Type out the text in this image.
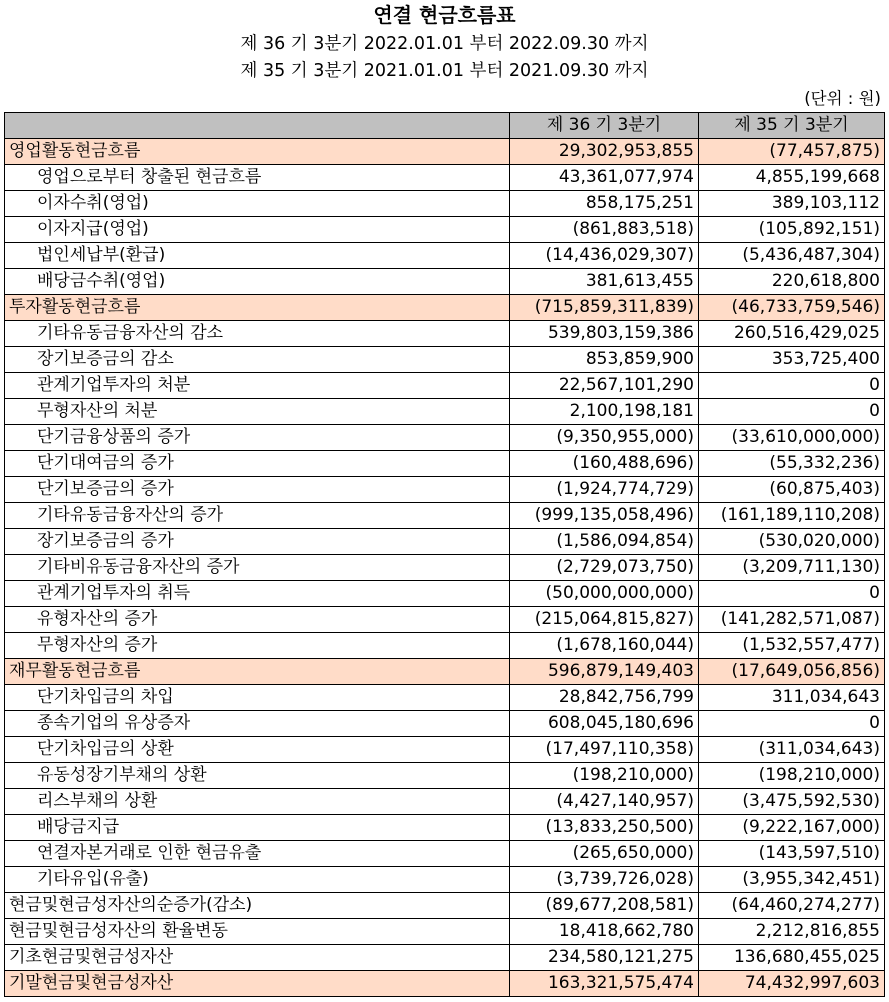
연결 현금흐름표
제 36 기 3분기 2022.01.01 부터 2022.09.30 까지
제 35 기 3분기 2021.01.01 부터 2021.09.30 까지
(단위 : 원)
	제 36 기 3분기	제 35 기 3분기
영업활동현금흐름	29,302,953,855	(77,457,875)
영업으로부터 창출된 현금흐름	43,361,077,974	4,855,199,668
이자수취(영업)	858,175,251	389,103,112
이자지급(영업)	(861,883,518)	(105,892,151)
법인세납부(환급)	(14,436,029,307)	(5,436,487,304)
배당금수취(영업)	381,613,455	220,618,800
투자활동현금흐름	(715,859,311,839)	(46,733,759,546)
기타유동금융자산의 감소	539,803,159,386	260,516,429,025
장기보증금의 감소	853,859,900	353,725,400
관계기업투자의 처분	22,567,101,290	0
무형자산의 처분	2,100,198,181	0
단기금융상품의 증가	(9,350,955,000)	(33,610,000,000)
단기대여금의 증가	(160,488,696)	(55,332,236)
단기보증금의 증가	(1,924,774,729)	(60,875,403)
기타유동금융자산의 증가	(999,135,058,496)	(161,189,110,208)
장기보증금의 증가	(1,586,094,854)	(530,020,000)
기타비유동금융자산의 증가	(2,729,073,750)	(3,209,711,130)
관계기업투자의 취득	(50,000,000,000)	0
유형자산의 증가	(215,064,815,827)	(141,282,571,087)
무형자산의 증가	(1,678,160,044)	(1,532,557,477)
재무활동현금흐름	596,879,149,403	(17,649,056,856)
단기차입금의 차입	28,842,756,799	311,034,643
종속기업의 유상증자	608,045,180,696	0
단기차입금의 상환	(17,497,110,358)	(311,034,643)
유동성장기부채의 상환	(198,210,000)	(198,210,000)
리스부채의 상환	(4,427,140,957)	(3,475,592,530)
배당금지급	(13,833,250,500)	(9,222,167,000)
연결자본거래로 인한 현금유출	(265,650,000)	(143,597,510)
기타유입(유출)	(3,739,726,028)	(3,955,342,451)
현금및현금성자산의순증가(감소)	(89,677,208,581)	(64,460,274,277)
현금및현금성자산의 환율변동	18,418,662,780	2,212,816,855
기초현금및현금성자산	234,580,121,275	136,680,455,025
기말현금및현금성자산	163,321,575,474	74,432,997,603
